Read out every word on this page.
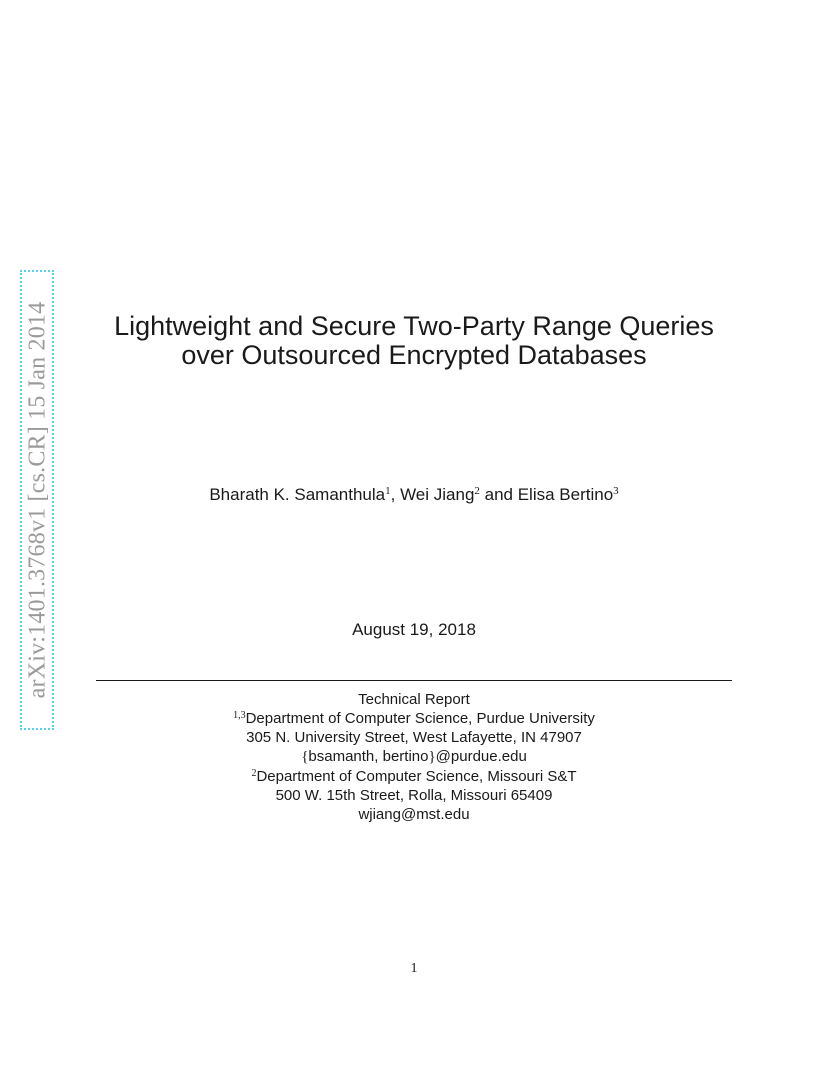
arXiv:1401.3768v1 [cs.CR] 15 Jan 2014	Lightweight and Secure Two-Party Range Queries
over Outsourced Encrypted Databases
Bharath K. Samanthula$^1$, Wei Jiang$^2$ and Elisa Bertino$^3$
August 19, 2018
Technical Report
$^{1,3}$Department of Computer Science, Purdue University
305 N. University Street, West Lafayette, IN 47907
{bsamanth, bertino}@purdue.edu
$^2$Department of Computer Science, Missouri S&T
500 W. 15th Street, Rolla, Missouri 65409
wjiang@mst.edu
1
